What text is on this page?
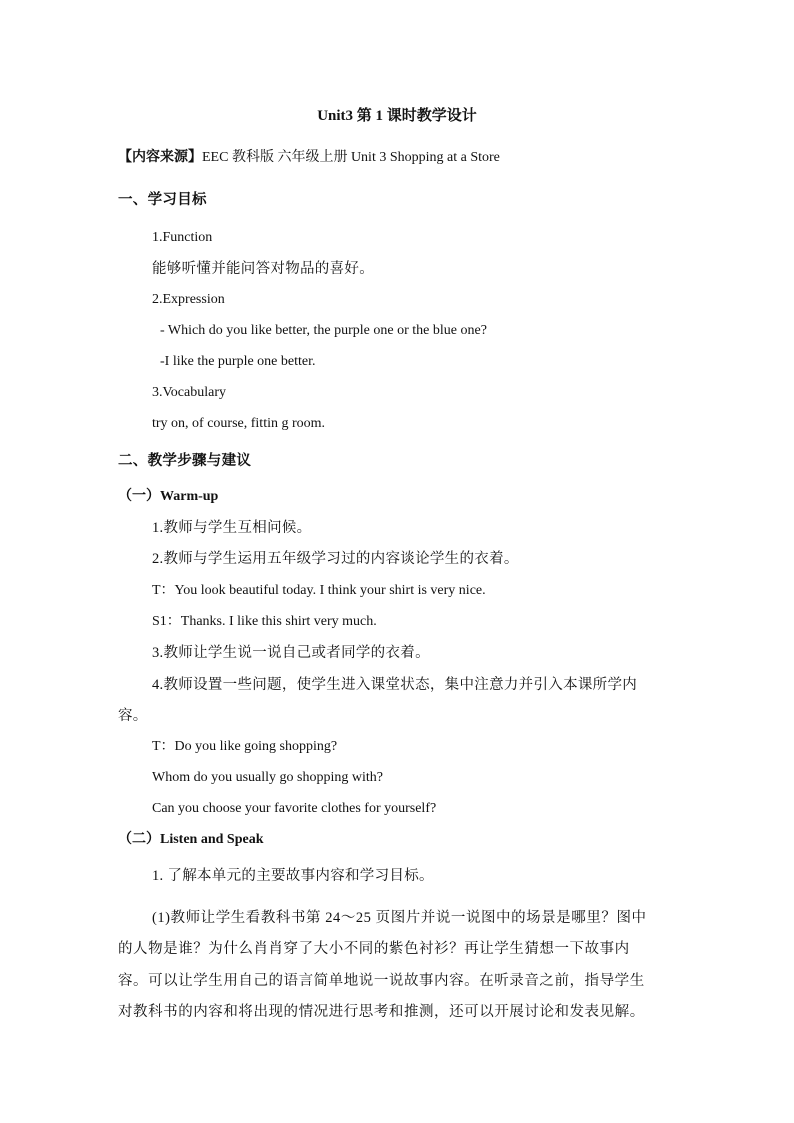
Unit3 第 1 课时教学设计
【内容来源】EEC 教科版 六年级上册 Unit 3 Shopping at a Store
一、学习目标
1.Function
能够听懂并能问答对物品的喜好。
2.Expression
- Which do you like better, the purple one or the blue one?
-I like the purple one better.
3.Vocabulary
try on, of course, fittin g room.
二、教学步骤与建议
（一）Warm-up
1.教师与学生互相问候。
2.教师与学生运用五年级学习过的内容谈论学生的衣着。
T：You look beautiful today. I think your shirt is very nice.
S1：Thanks. I like this shirt very much.
3.教师让学生说一说自己或者同学的衣着。
4.教师设置一些问题，使学生进入课堂状态，集中注意力并引入本课所学内
容。
T：Do you like going shopping?
Whom do you usually go shopping with?
Can you choose your favorite clothes for yourself?
（二）Listen and Speak
1. 了解本单元的主要故事内容和学习目标。
(1)教师让学生看教科书第 24～25 页图片并说一说图中的场景是哪里？图中
的人物是谁？为什么肖肖穿了大小不同的紫色衬衫？再让学生猜想一下故事内
容。可以让学生用自己的语言简单地说一说故事内容。在听录音之前，指导学生
对教科书的内容和将出现的情况进行思考和推测，还可以开展讨论和发表见解。
